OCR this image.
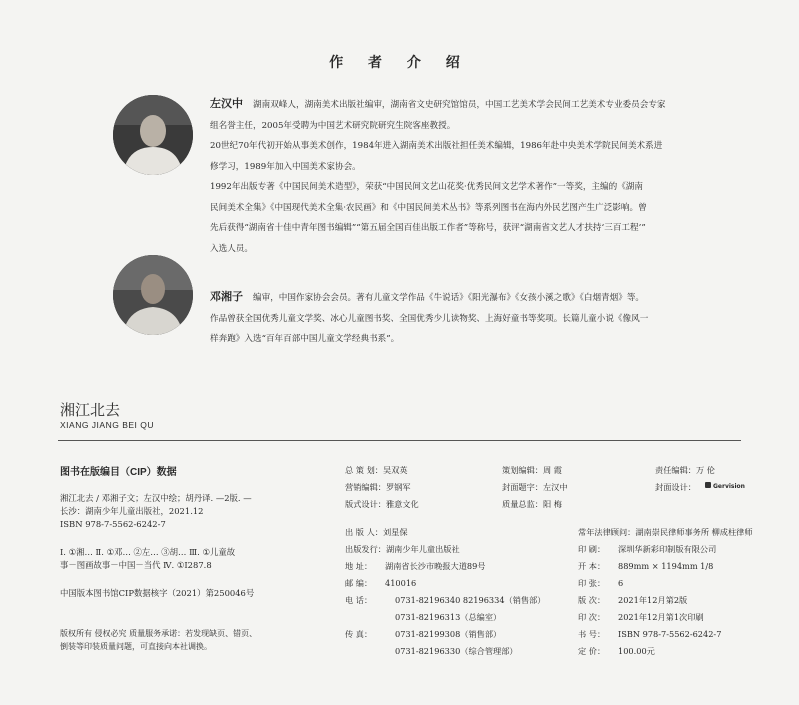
作 者 介 绍
左汉中 湖南双峰人，湖南美术出版社编审，湖南省文史研究馆馆员，中国工艺美术学会民间工艺美术专业委员会专家
组名誉主任，2005年受聘为中国艺术研究院研究生院客座教授。
20世纪70年代初开始从事美术创作，1984年进入湖南美术出版社担任美术编辑，1986年赴中央美术学院民间美术系进
修学习，1989年加入中国美术家协会。
1992年出版专著《中国民间美术造型》，荣获“中国民间文艺山花奖·优秀民间文艺学术著作”一等奖，主编的《湖南
民间美术全集》《中国现代美术全集·农民画》和《中国民间美术丛书》等系列图书在海内外民艺图产生广泛影响。曾
先后获得“湖南省十佳中青年图书编辑”“第五届全国百佳出版工作者”等称号，获评“湖南省文艺人才扶持‘三百工程’”
入选人员。
邓湘子 编审，中国作家协会会员。著有儿童文学作品《牛说话》《阳光瀑布》《女孩小溪之歌》《白烟青烟》等。
作品曾获全国优秀儿童文学奖、冰心儿童图书奖、全国优秀少儿读物奖、上海好童书等奖项。长篇儿童小说《像风一
样奔跑》入选“百年百部中国儿童文学经典书系”。
湘江北去
XIANG JIANG BEI QU
图书在版编目（CIP）数据
湘江北去 / 邓湘子文；左汉中绘；胡丹译. —2版. —
长沙：湖南少年儿童出版社，2021.12
ISBN 978-7-5562-6242-7
Ⅰ. ①湘… Ⅱ. ①邓… ②左… ③胡… Ⅲ. ①儿童故
事－图画故事－中国－当代 Ⅳ. ①I287.8
中国版本图书馆CIP数据核字（2021）第250046号
版权所有 侵权必究 质量服务承诺：若发现缺页、错页、
倒装等印装质量问题，可直接向本社调换。
总 策 划：吴双英	策划编辑：周 霞	责任编辑：万 伦
营销编辑：罗钢军	封面题字：左汉中	封面设计：	Gervision
版式设计：雅意文化	质量总监：阳 梅
出 版 人：刘星保
出版发行：湖南少年儿童出版社
地 址： 湖南省长沙市晚报大道89号
邮 编： 410016
电 话：	0731-82196340 82196334（销售部）
0731-82196313（总编室）
传 真：	0731-82199308（销售部）
0731-82196330（综合管理部）
常年法律顾问：湖南崇民律师事务所 柳成柱律师
印 刷： 深圳华新彩印制版有限公司
开 本： 889mm × 1194mm 1/8
印 张： 6
版 次： 2021年12月第2版
印 次： 2021年12月第1次印刷
书 号： ISBN 978-7-5562-6242-7
定 价： 100.00元
